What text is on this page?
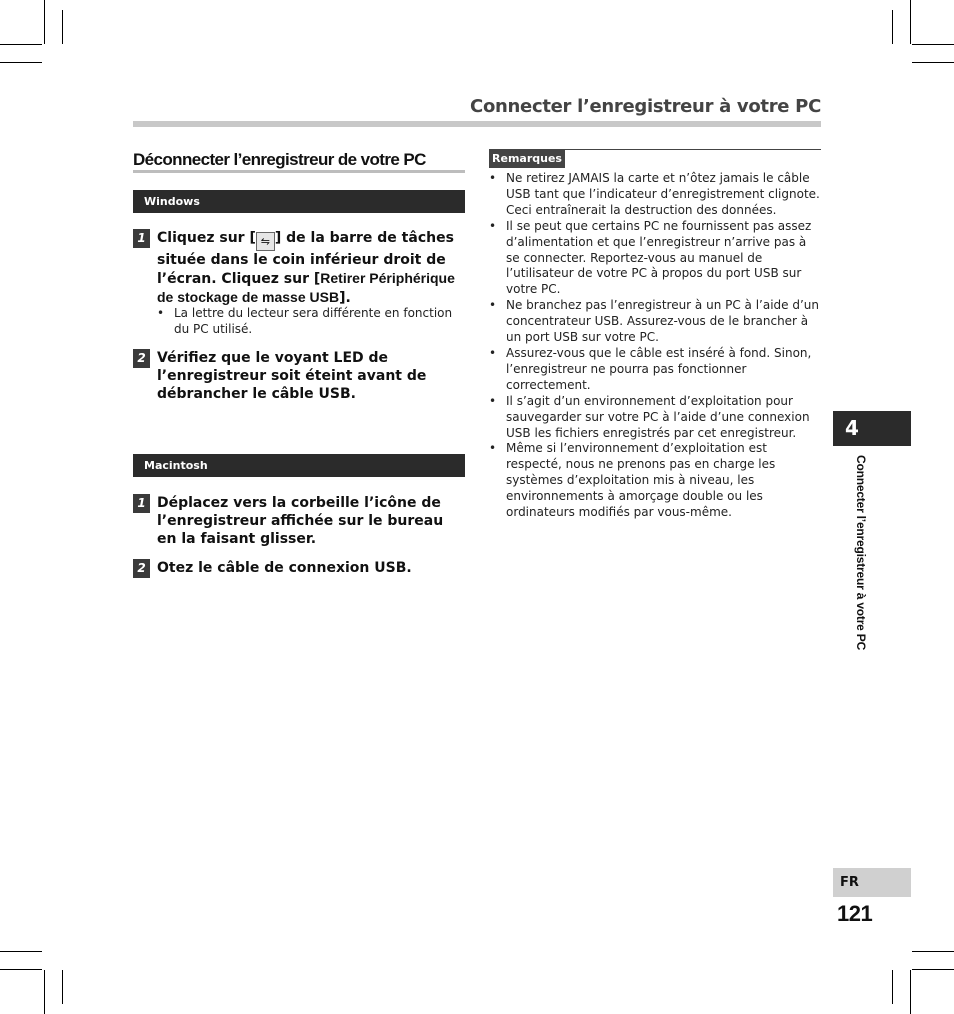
Connecter l’enregistreur à votre PC
Déconnecter l’enregistreur de votre PC
Windows
1 Cliquez sur [ ⇋ ] de la barre de tâches située dans le coin inférieur droit de l’écran. Cliquez sur [Retirer Périphérique de stockage de masse USB].
• La lettre du lecteur sera différente en fonction du PC utilisé.
2 Vérifiez que le voyant LED de l’enregistreur soit éteint avant de débrancher le câble USB.
Macintosh
1 Déplacez vers la corbeille l’icône de l’enregistreur affichée sur le bureau en la faisant glisser.
2 Otez le câble de connexion USB.
Remarques
• Ne retirez JAMAIS la carte et n’ôtez jamais le câble USB tant que l’indicateur d’enregistrement clignote. Ceci entraînerait la destruction des données.
• Il se peut que certains PC ne fournissent pas assez d’alimentation et que l’enregistreur n’arrive pas à se connecter. Reportez-vous au manuel de l’utilisateur de votre PC à propos du port USB sur votre PC.
• Ne branchez pas l’enregistreur à un PC à l’aide d’un concentrateur USB. Assurez-vous de le brancher à un port USB sur votre PC.
• Assurez-vous que le câble est inséré à fond. Sinon, l’enregistreur ne pourra pas fonctionner correctement.
• Il s’agit d’un environnement d’exploitation pour sauvegarder sur votre PC à l’aide d’une connexion USB les fichiers enregistrés par cet enregistreur.
• Même si l’environnement d’exploitation est respecté, nous ne prenons pas en charge les systèmes d’exploitation mis à niveau, les environnements à amorçage double ou les ordinateurs modifiés par vous-même.
4
Connecter l’enregistreur à votre PC
FR
121
